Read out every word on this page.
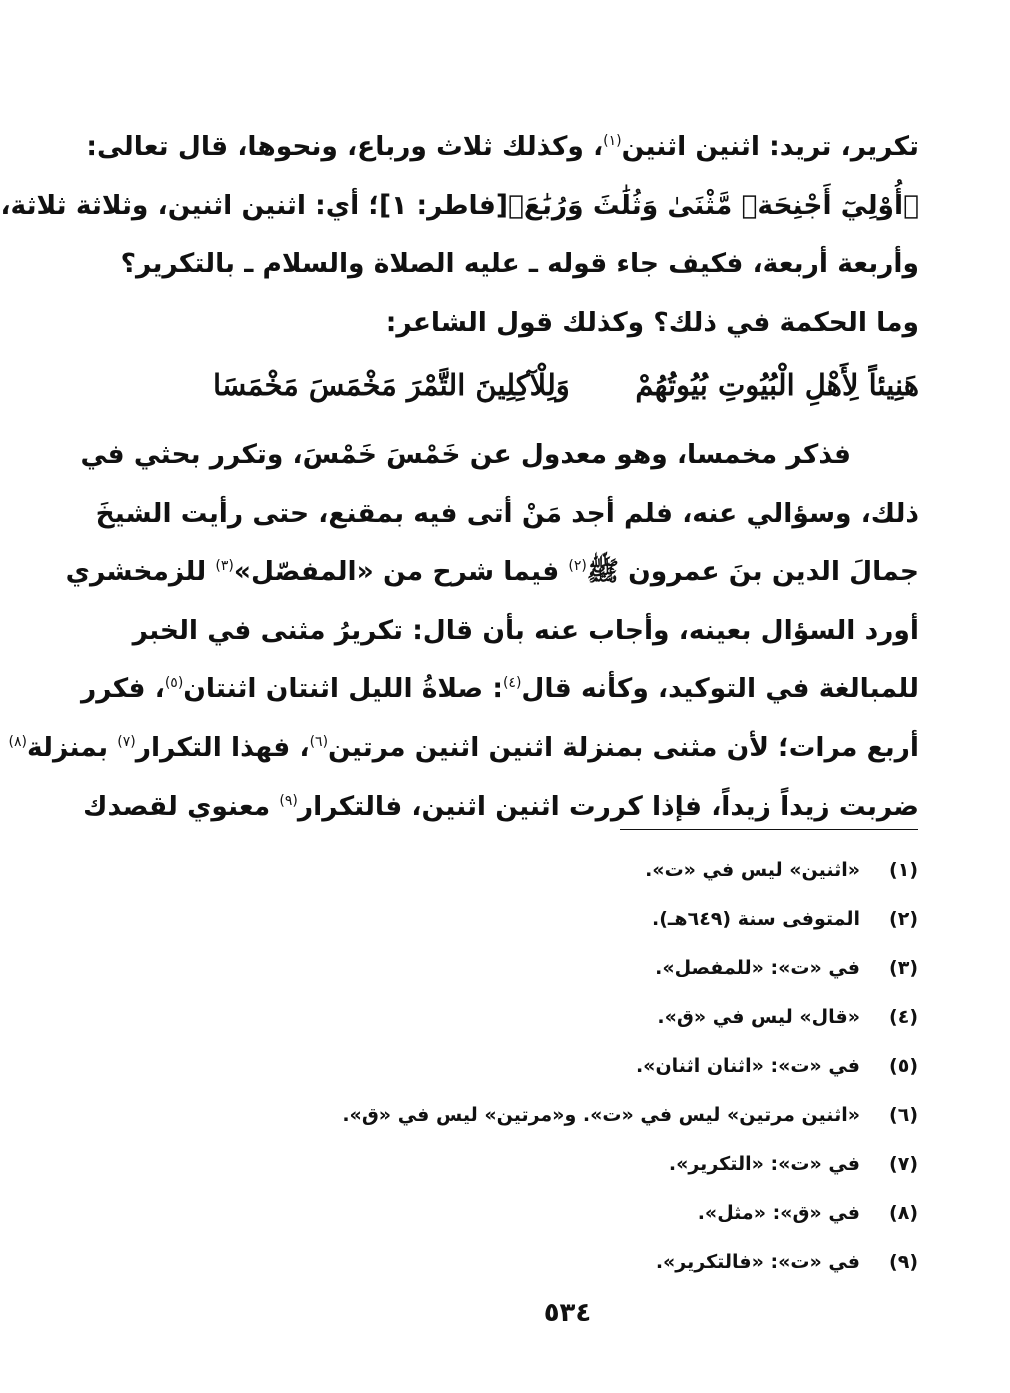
تكرير، تريد: اثنين اثنين$^{(١)}$، وكذلك ثلاث ورباع، ونحوها، قال تعالى:
﴿أُوْلِيٓ أَجْنِحَةٖ مَّثْنَىٰ وَثُلَٰثَ وَرُبَٰعَ﴾[فاطر: ١]؛ أي: اثنين اثنين، وثلاثة ثلاثة،
وأربعة أربعة، فكيف جاء قوله ـ عليه الصلاة والسلام ـ بالتكرير؟
وما الحكمة في ذلك؟ وكذلك قول الشاعر:
هَنِيئاً لِأَهْلِ الْبُيُوتِ بُيُوتُهُمْ
وَلِلْآكِلِينَ التَّمْرَ مَخْمَسَ مَخْمَسَا
فذكر مخمسا، وهو معدول عن خَمْسَ خَمْسَ، وتكرر بحثي في
ذلك، وسؤالي عنه، فلم أجد مَنْ أتى فيه بمقنع، حتى رأيت الشيخَ
جمالَ الدين بنَ عمرون ﷺ$^{(٢)}$ فيما شرح من «المفصّل»$^{(٣)}$ للزمخشري
أورد السؤال بعينه، وأجاب عنه بأن قال: تكريرُ مثنى في الخبر
للمبالغة في التوكيد، وكأنه قال$^{(٤)}$: صلاةُ الليل اثنتان اثنتان$^{(٥)}$، فكرر
أربع مرات؛ لأن مثنى بمنزلة اثنين اثنين مرتين$^{(٦)}$، فهذا التكرار$^{(٧)}$ بمنزلة$^{(٨)}$
ضربت زيداً زيداً، فإذا كررت اثنين اثنين، فالتكرار$^{(٩)}$ معنوي لقصدك
(١)
«اثنين» ليس في «ت».
(٢)
المتوفى سنة (٦٤٩هـ).
(٣)
في «ت»: «للمفصل».
(٤)
«قال» ليس في «ق».
(٥)
في «ت»: «اثنان اثنان».
(٦)
«اثنين مرتين» ليس في «ت». و«مرتين» ليس في «ق».
(٧)
في «ت»: «التكرير».
(٨)
في «ق»: «مثل».
(٩)
في «ت»: «فالتكرير».
٥٣٤
